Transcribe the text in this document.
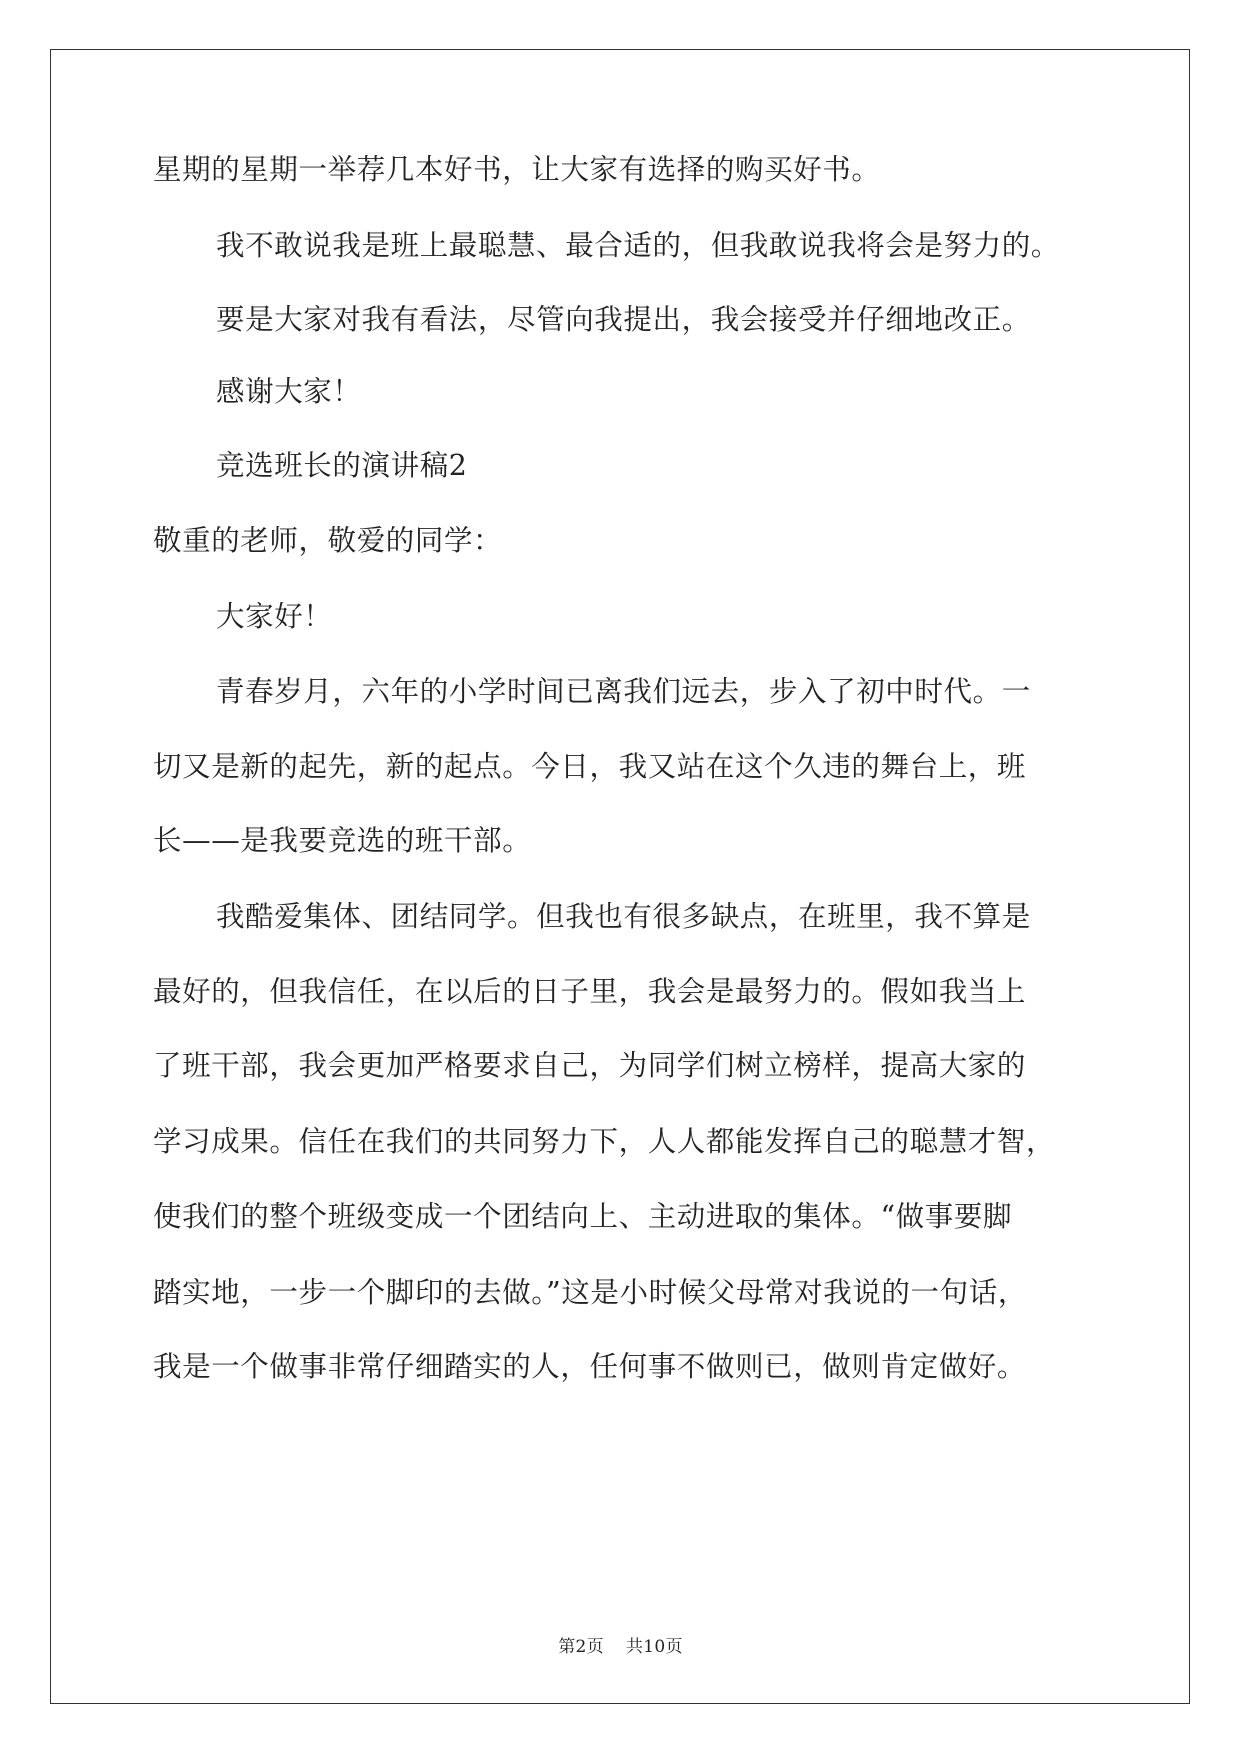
星期的星期一举荐几本好书，让大家有选择的购买好书。
我不敢说我是班上最聪慧、最合适的，但我敢说我将会是努力的。
要是大家对我有看法，尽管向我提出，我会接受并仔细地改正。
感谢大家！
竞选班长的演讲稿2
敬重的老师，敬爱的同学：
大家好！
青春岁月，六年的小学时间已离我们远去，步入了初中时代。一
切又是新的起先，新的起点。今日，我又站在这个久违的舞台上，班
长——是我要竞选的班干部。
我酷爱集体、团结同学。但我也有很多缺点，在班里，我不算是
最好的，但我信任，在以后的日子里，我会是最努力的。假如我当上
了班干部，我会更加严格要求自己，为同学们树立榜样，提高大家的
学习成果。信任在我们的共同努力下，人人都能发挥自己的聪慧才智，
使我们的整个班级变成一个团结向上、主动进取的集体。“做事要脚
踏实地，一步一个脚印的去做。”这是小时候父母常对我说的一句话，
我是一个做事非常仔细踏实的人，任何事不做则已，做则肯定做好。
第2页 共10页
